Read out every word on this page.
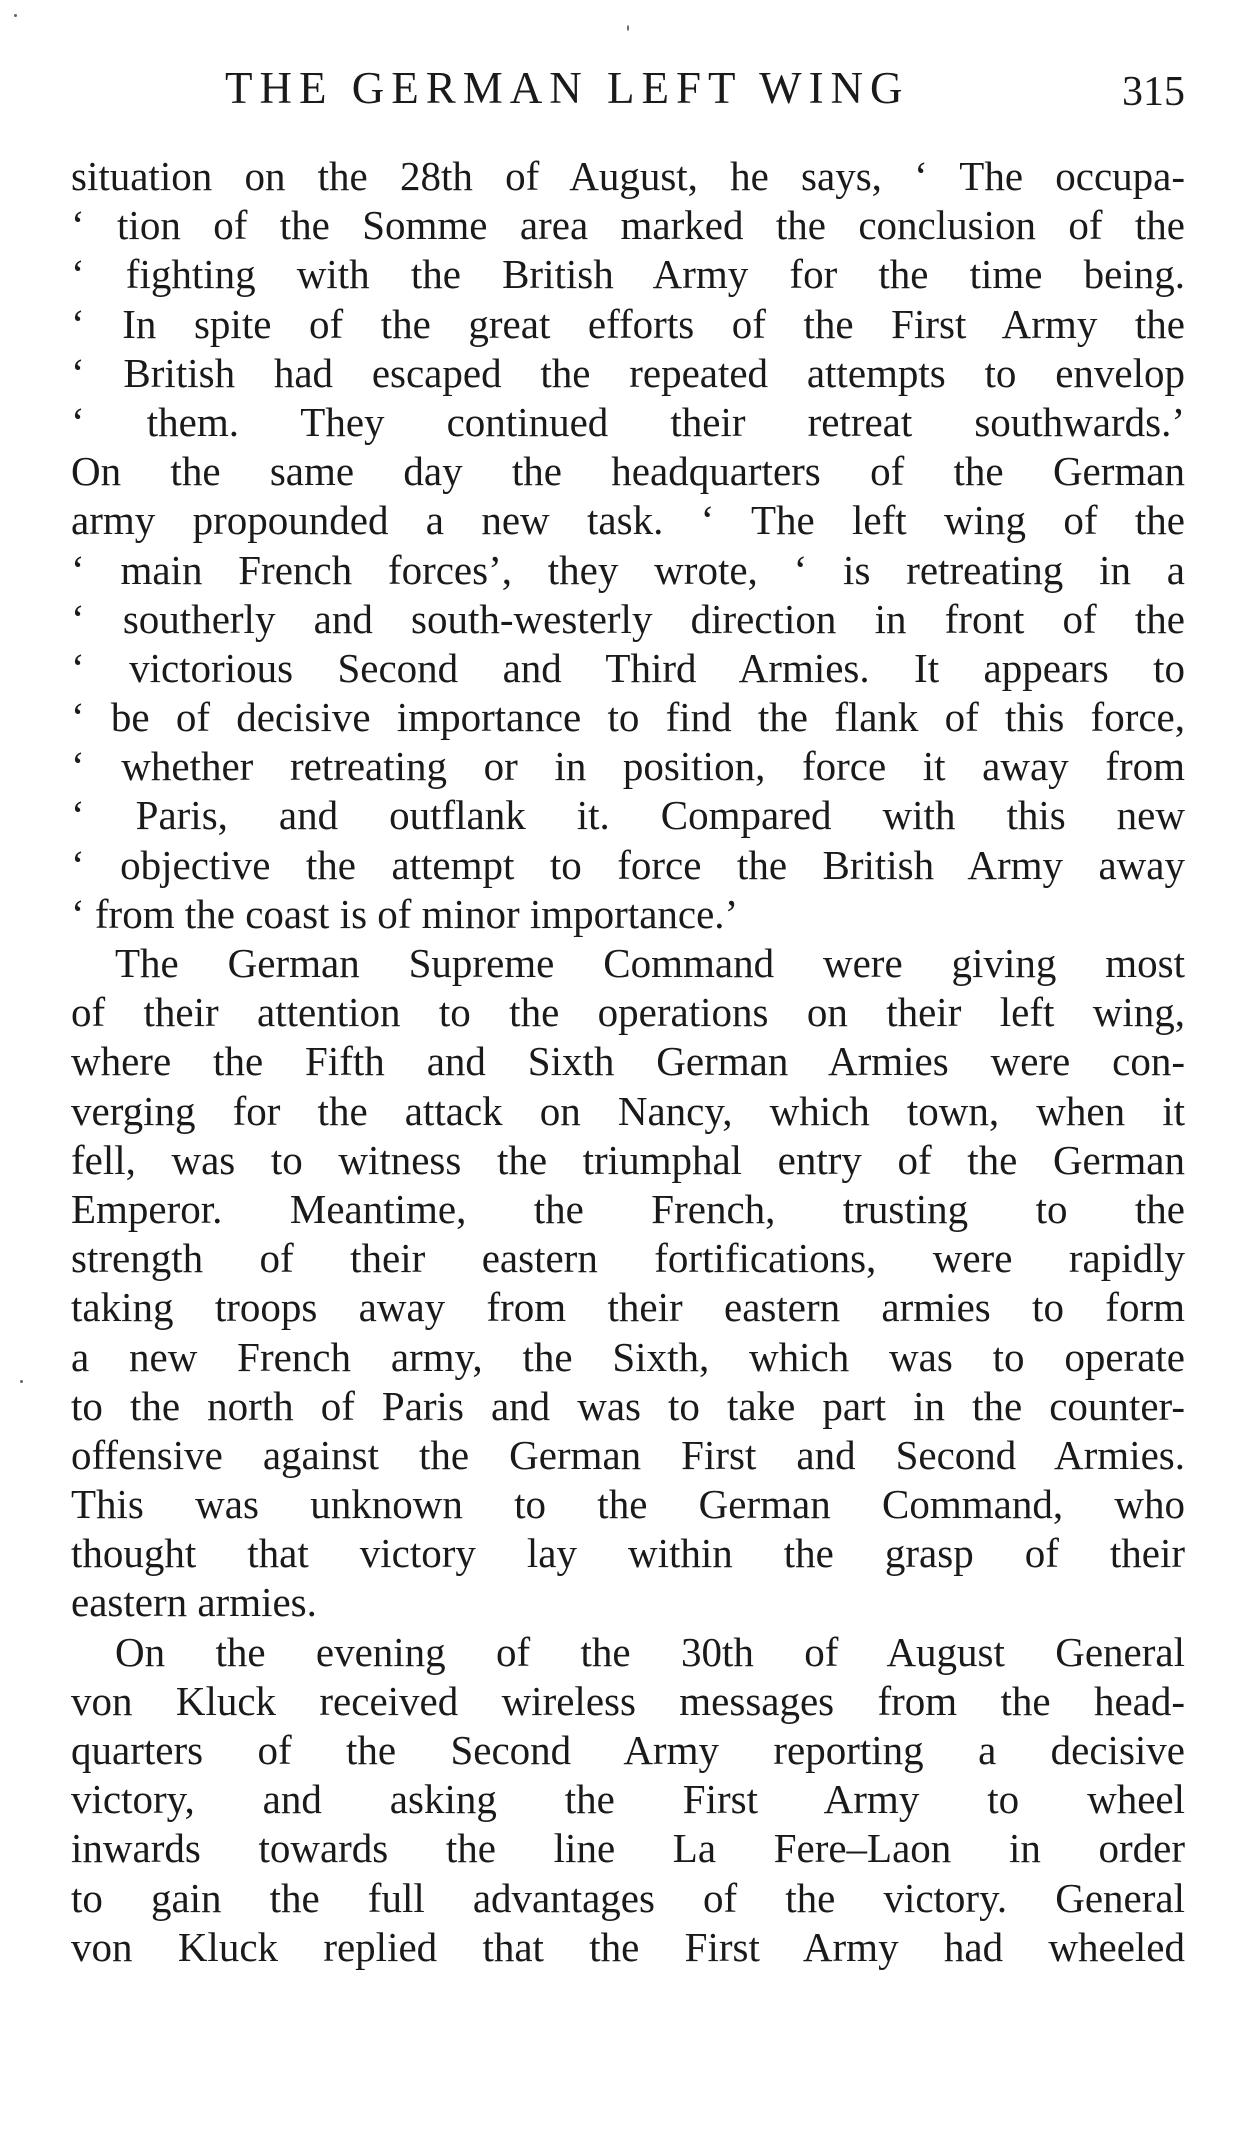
THE GERMAN LEFT WING	315
situation on the 28th of August, he says, ‘ The occupa-
‘ tion of the Somme area marked the conclusion of the
‘ fighting with the British Army for the time being.
‘ In spite of the great efforts of the First Army the
‘ British had escaped the repeated attempts to envelop
‘ them. They continued their retreat southwards.’
On the same day the headquarters of the German
army propounded a new task. ‘ The left wing of the
‘ main French forces’, they wrote, ‘ is retreating in a
‘ southerly and south-westerly direction in front of the
‘ victorious Second and Third Armies. It appears to
‘ be of decisive importance to find the flank of this force,
‘ whether retreating or in position, force it away from
‘ Paris, and outflank it. Compared with this new
‘ objective the attempt to force the British Army away
‘ from the coast is of minor importance.’
The German Supreme Command were giving most
of their attention to the operations on their left wing,
where the Fifth and Sixth German Armies were con-
verging for the attack on Nancy, which town, when it
fell, was to witness the triumphal entry of the German
Emperor. Meantime, the French, trusting to the
strength of their eastern fortifications, were rapidly
taking troops away from their eastern armies to form
a new French army, the Sixth, which was to operate
to the north of Paris and was to take part in the counter-
offensive against the German First and Second Armies.
This was unknown to the German Command, who
thought that victory lay within the grasp of their
eastern armies.
On the evening of the 30th of August General
von Kluck received wireless messages from the head-
quarters of the Second Army reporting a decisive
victory, and asking the First Army to wheel
inwards towards the line La Fere–Laon in order
to gain the full advantages of the victory. General
von Kluck replied that the First Army had wheeled
